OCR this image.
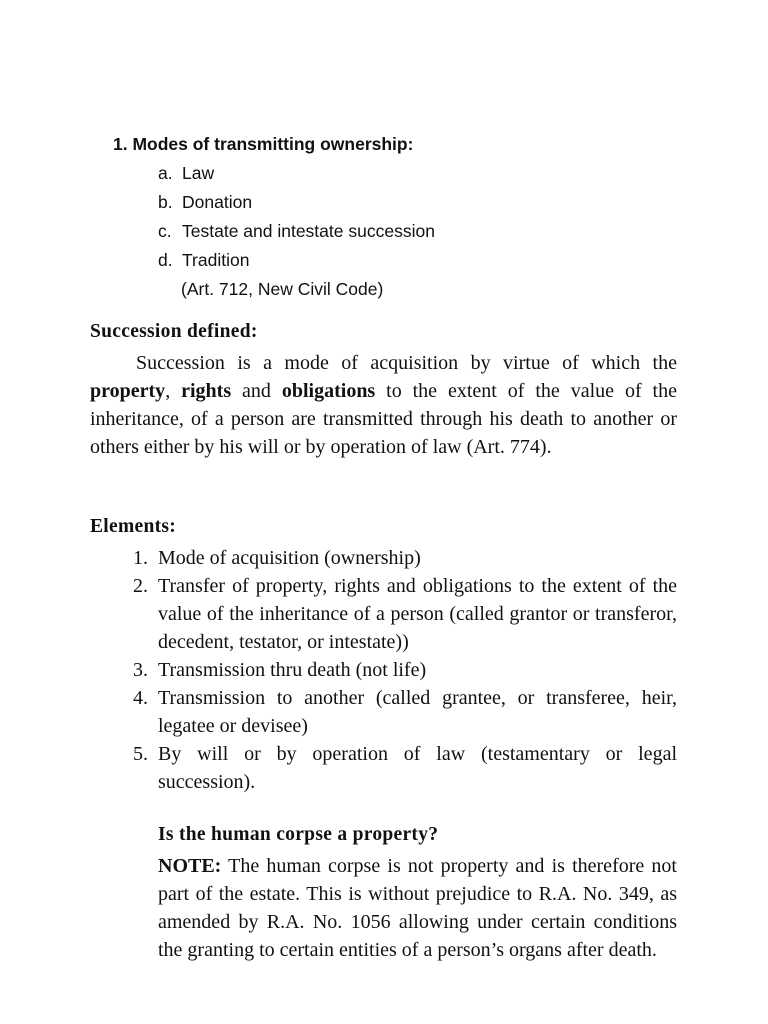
1. Modes of transmitting ownership:
a. Law
b. Donation
c. Testate and intestate succession
d. Tradition
(Art. 712, New Civil Code)
Succession defined:
Succession is a mode of acquisition by virtue of which the property, rights and obligations to the extent of the value of the inheritance, of a person are transmitted through his death to another or others either by his will or by operation of law (Art. 774).
Elements:
1. Mode of acquisition (ownership)
2. Transfer of property, rights and obligations to the extent of the value of the inheritance of a person (called grantor or transferor, decedent, testator, or intestate))
3. Transmission thru death (not life)
4. Transmission to another (called grantee, or transferee, heir, legatee or devisee)
5. By will or by operation of law (testamentary or legal succession).
Is the human corpse a property?
NOTE: The human corpse is not property and is therefore not part of the estate. This is without prejudice to R.A. No. 349, as amended by R.A. No. 1056 allowing under certain conditions the granting to certain entities of a person’s organs after death.
